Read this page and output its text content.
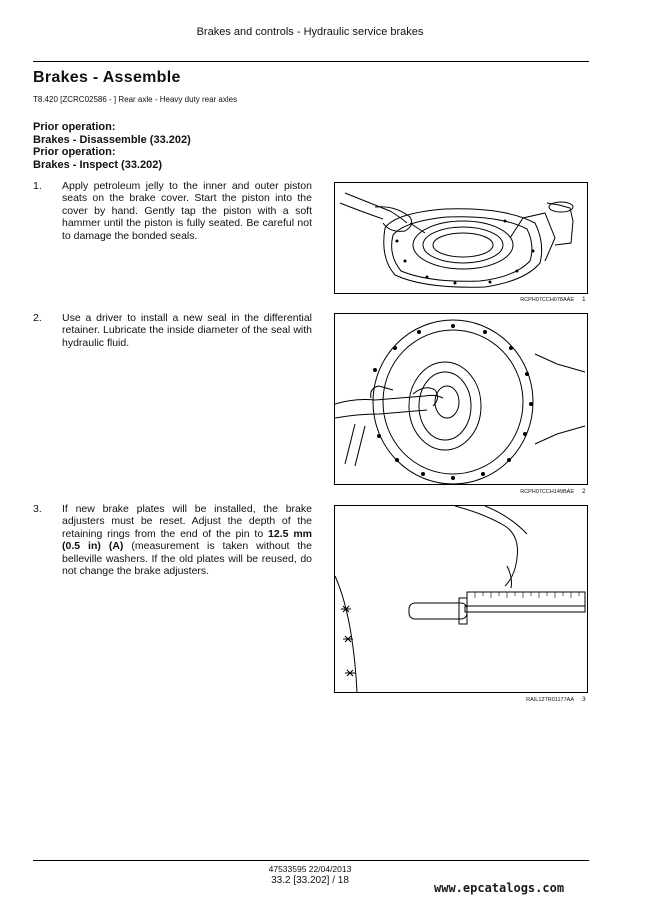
Brakes and controls - Hydraulic service brakes
Brakes - Assemble
T8.420 [ZCRC02586 - ] Rear axle - Heavy duty rear axles
Prior operation:
Brakes - Disassemble (33.202)
Prior operation:
Brakes - Inspect (33.202)
1. Apply petroleum jelly to the inner and outer piston seats on the brake cover. Start the piston into the cover by hand. Gently tap the piston with a soft hammer until the piston is fully seated. Be careful not to damage the bonded seals.
RCPH07CCH078AAE 1
2. Use a driver to install a new seal in the differential retainer. Lubricate the inside diameter of the seal with hydraulic fluid.
RCPH07CCH149BAE 2
3. If new brake plates will be installed, the brake adjusters must be reset. Adjust the depth of the retaining rings from the end of the pin to 12.5 mm (0.5 in) (A) (measurement is taken without the belleville washers. If the old plates will be reused, do not change the brake adjusters.
RAIL12TR01177AA 3
47533595 22/04/2013
33.2 [33.202] / 18
www.epcatalogs.com
